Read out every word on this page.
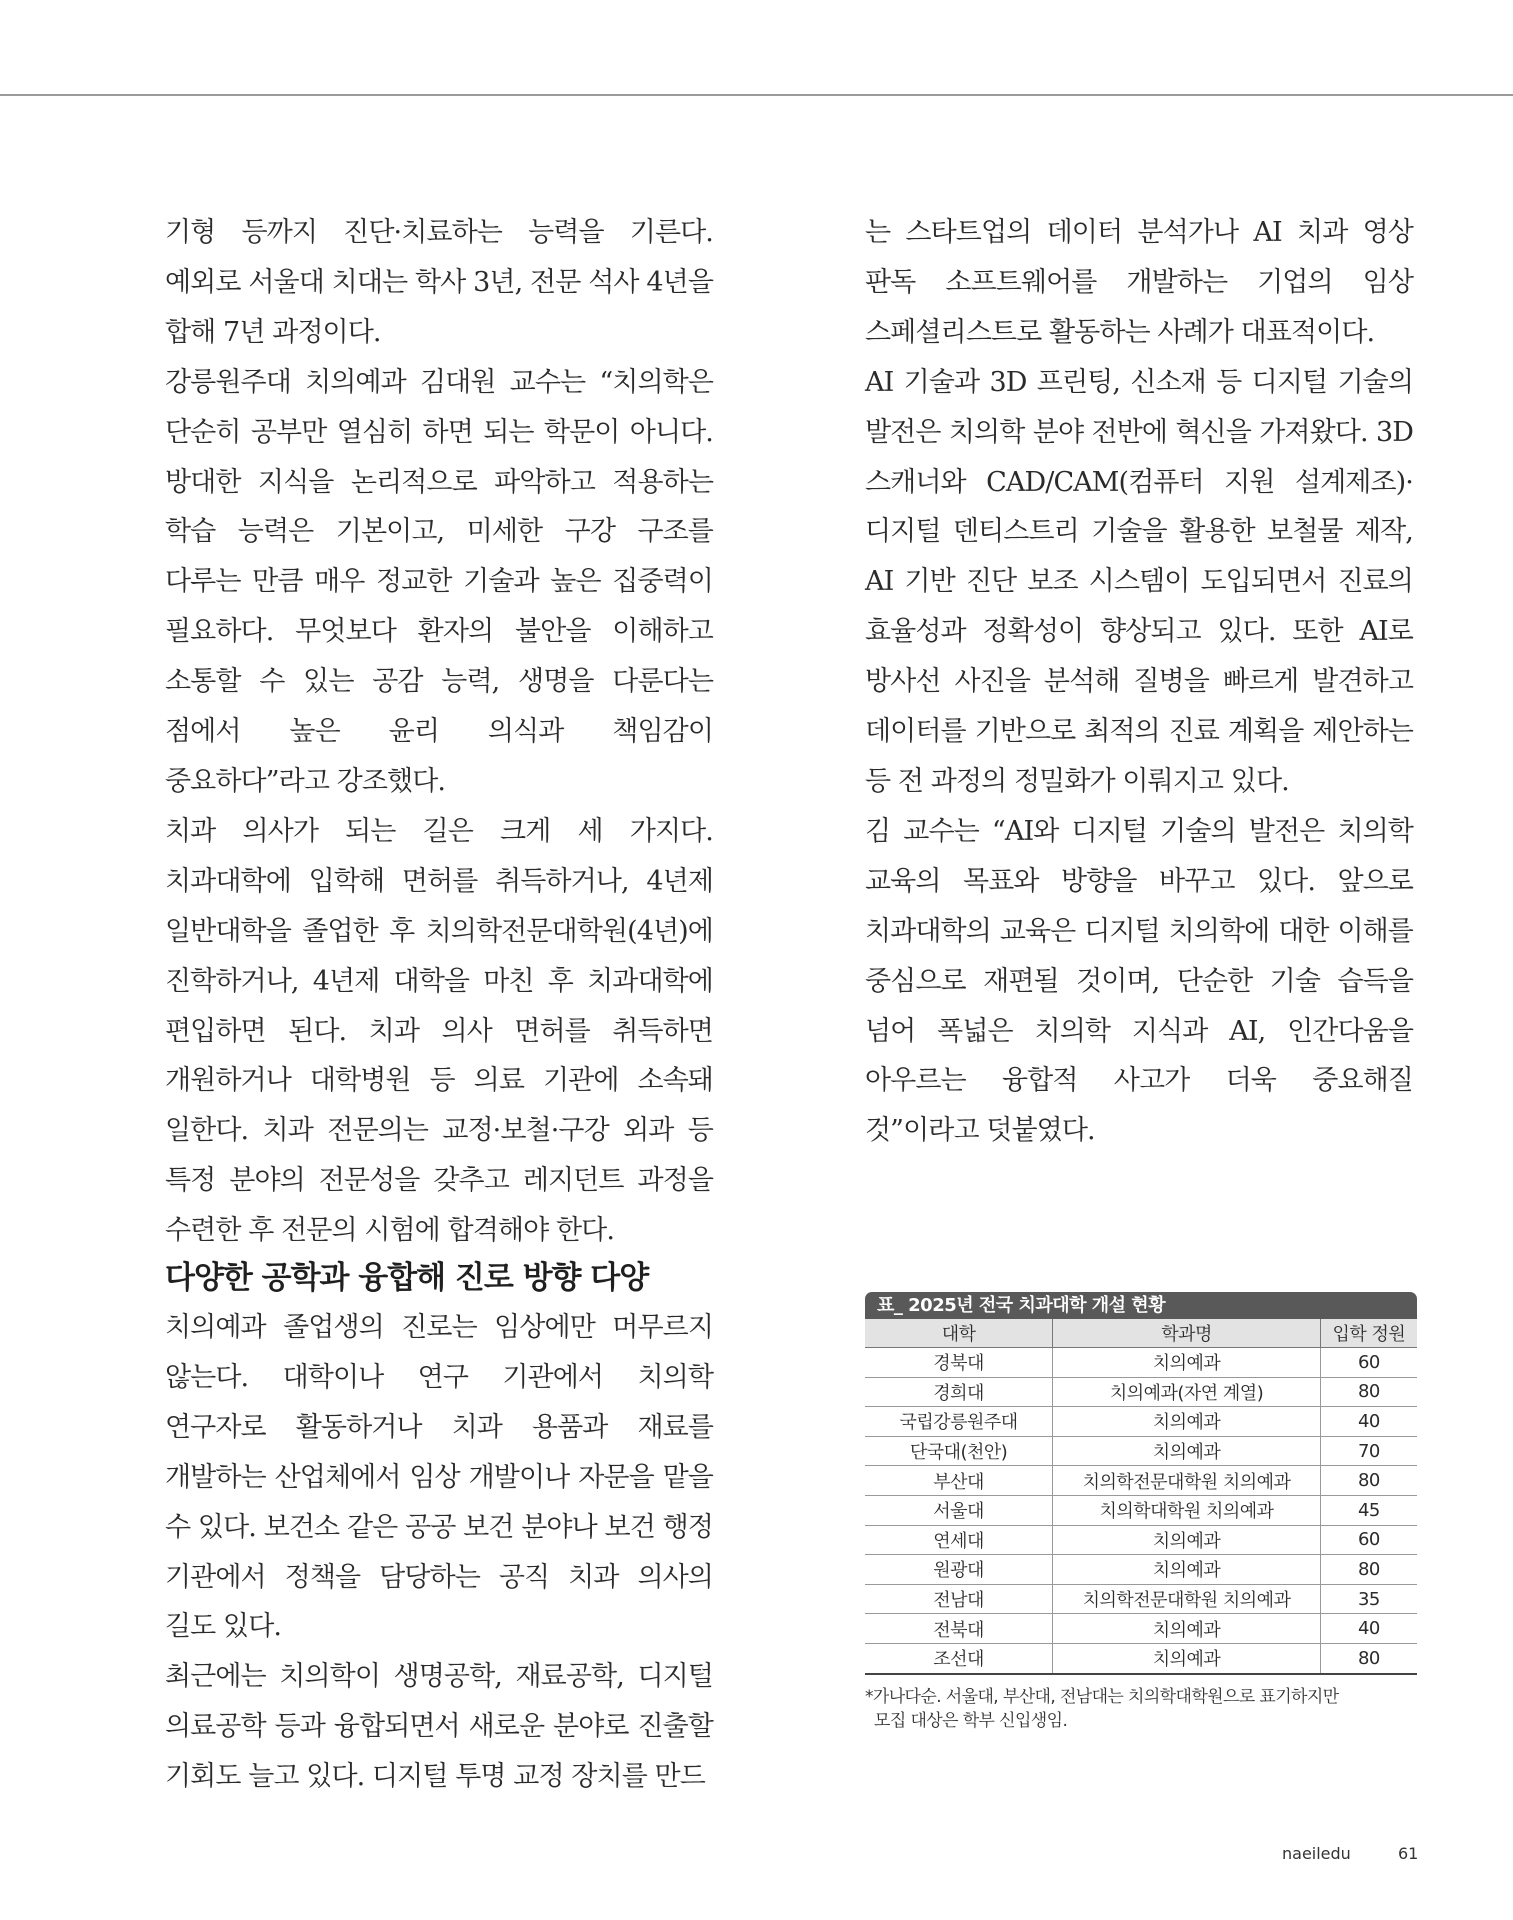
기형 등까지 진단·치료하는 능력을 기른다. 예외로 서울대 치대는 학사 3년, 전문 석사 4년을 합해 7년 과정이다.

강릉원주대 치의예과 김대원 교수는 “치의학은 단순히 공부만 열심히 하면 되는 학문이 아니다. 방대한 지식을 논리적으로 파악하고 적용하는 학습 능력은 기본이고, 미세한 구강 구조를 다루는 만큼 매우 정교한 기술과 높은 집중력이 필요하다. 무엇보다 환자의 불안을 이해하고 소통할 수 있는 공감 능력, 생명을 다룬다는 점에서 높은 윤리 의식과 책임감이 중요하다”라고 강조했다.

치과 의사가 되는 길은 크게 세 가지다. 치과대학에 입학해 면허를 취득하거나, 4년제 일반대학을 졸업한 후 치의학전문대학원(4년)에 진학하거나, 4년제 대학을 마친 후 치과대학에 편입하면 된다. 치과 의사 면허를 취득하면 개원하거나 대학병원 등 의료 기관에 소속돼 일한다. 치과 전문의는 교정·보철·구강 외과 등 특정 분야의 전문성을 갖추고 레지던트 과정을 수련한 후 전문의 시험에 합격해야 한다.

다양한 공학과 융합해 진로 방향 다양

치의예과 졸업생의 진로는 임상에만 머무르지 않는다. 대학이나 연구 기관에서 치의학 연구자로 활동하거나 치과 용품과 재료를 개발하는 산업체에서 임상 개발이나 자문을 맡을 수 있다. 보건소 같은 공공 보건 분야나 보건 행정 기관에서 정책을 담당하는 공직 치과 의사의 길도 있다.

최근에는 치의학이 생명공학, 재료공학, 디지털 의료공학 등과 융합되면서 새로운 분야로 진출할 기회도 늘고 있다. 디지털 투명 교정 장치를 만드

는 스타트업의 데이터 분석가나 AI 치과 영상 판독 소프트웨어를 개발하는 기업의 임상 스페셜리스트로 활동하는 사례가 대표적이다.

AI 기술과 3D 프린팅, 신소재 등 디지털 기술의 발전은 치의학 분야 전반에 혁신을 가져왔다. 3D 스캐너와 CAD/CAM(컴퓨터 지원 설계제조)·디지털 덴티스트리 기술을 활용한 보철물 제작, AI 기반 진단 보조 시스템이 도입되면서 진료의 효율성과 정확성이 향상되고 있다. 또한 AI로 방사선 사진을 분석해 질병을 빠르게 발견하고 데이터를 기반으로 최적의 진료 계획을 제안하는 등 전 과정의 정밀화가 이뤄지고 있다.

김 교수는 “AI와 디지털 기술의 발전은 치의학 교육의 목표와 방향을 바꾸고 있다. 앞으로 치과대학의 교육은 디지털 치의학에 대한 이해를 중심으로 재편될 것이며, 단순한 기술 습득을 넘어 폭넓은 치의학 지식과 AI, 인간다움을 아우르는 융합적 사고가 더욱 중요해질 것”이라고 덧붙였다.

표_ 2025년 전국 치과대학 개설 현황
대학	학과명	입학 정원
경북대	치의예과	60
경희대	치의예과(자연 계열)	80
국립강릉원주대	치의예과	40
단국대(천안)	치의예과	70
부산대	치의학전문대학원 치의예과	80
서울대	치의학대학원 치의예과	45
연세대	치의예과	60
원광대	치의예과	80
전남대	치의학전문대학원 치의예과	35
전북대	치의예과	40
조선대	치의예과	80
*가나다순. 서울대, 부산대, 전남대는 치의학대학원으로 표기하지만
모집 대상은 학부 신입생임.
naeiledu	61
